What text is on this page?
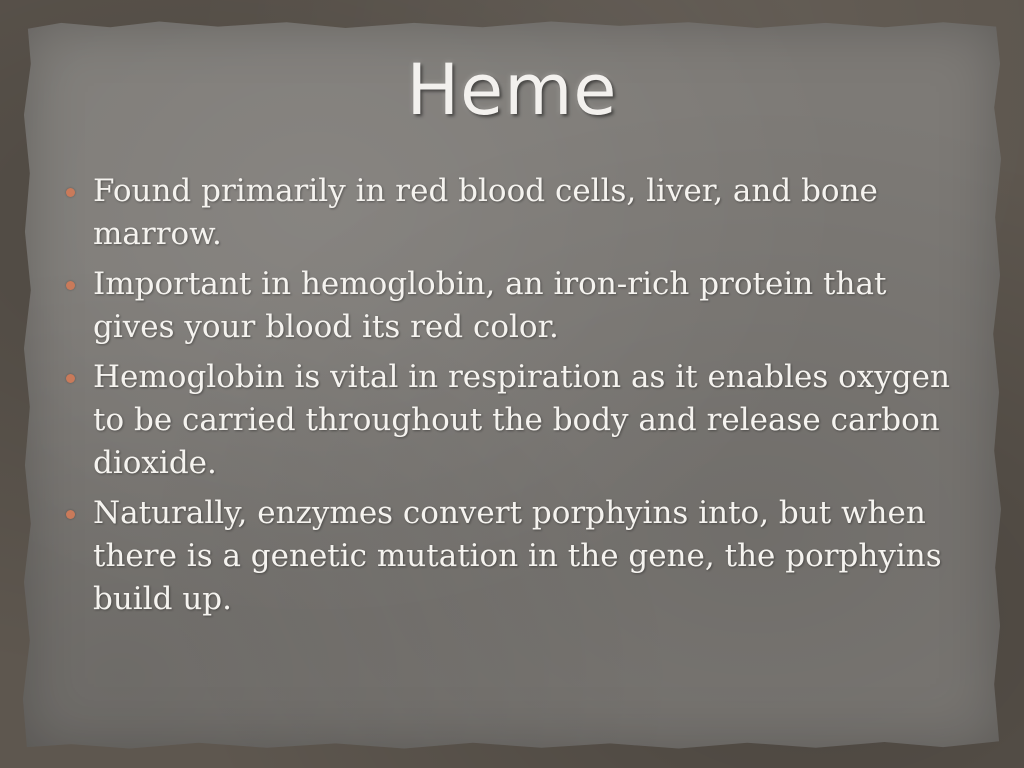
Heme
Found primarily in red blood cells, liver, and bone marrow.
Important in hemoglobin, an iron-rich protein that gives your blood its red color.
Hemoglobin is vital in respiration as it enables oxygen to be carried throughout the body and release carbon dioxide.
Naturally, enzymes convert porphyins into, but when there is a genetic mutation in the gene, the porphyins build up.
